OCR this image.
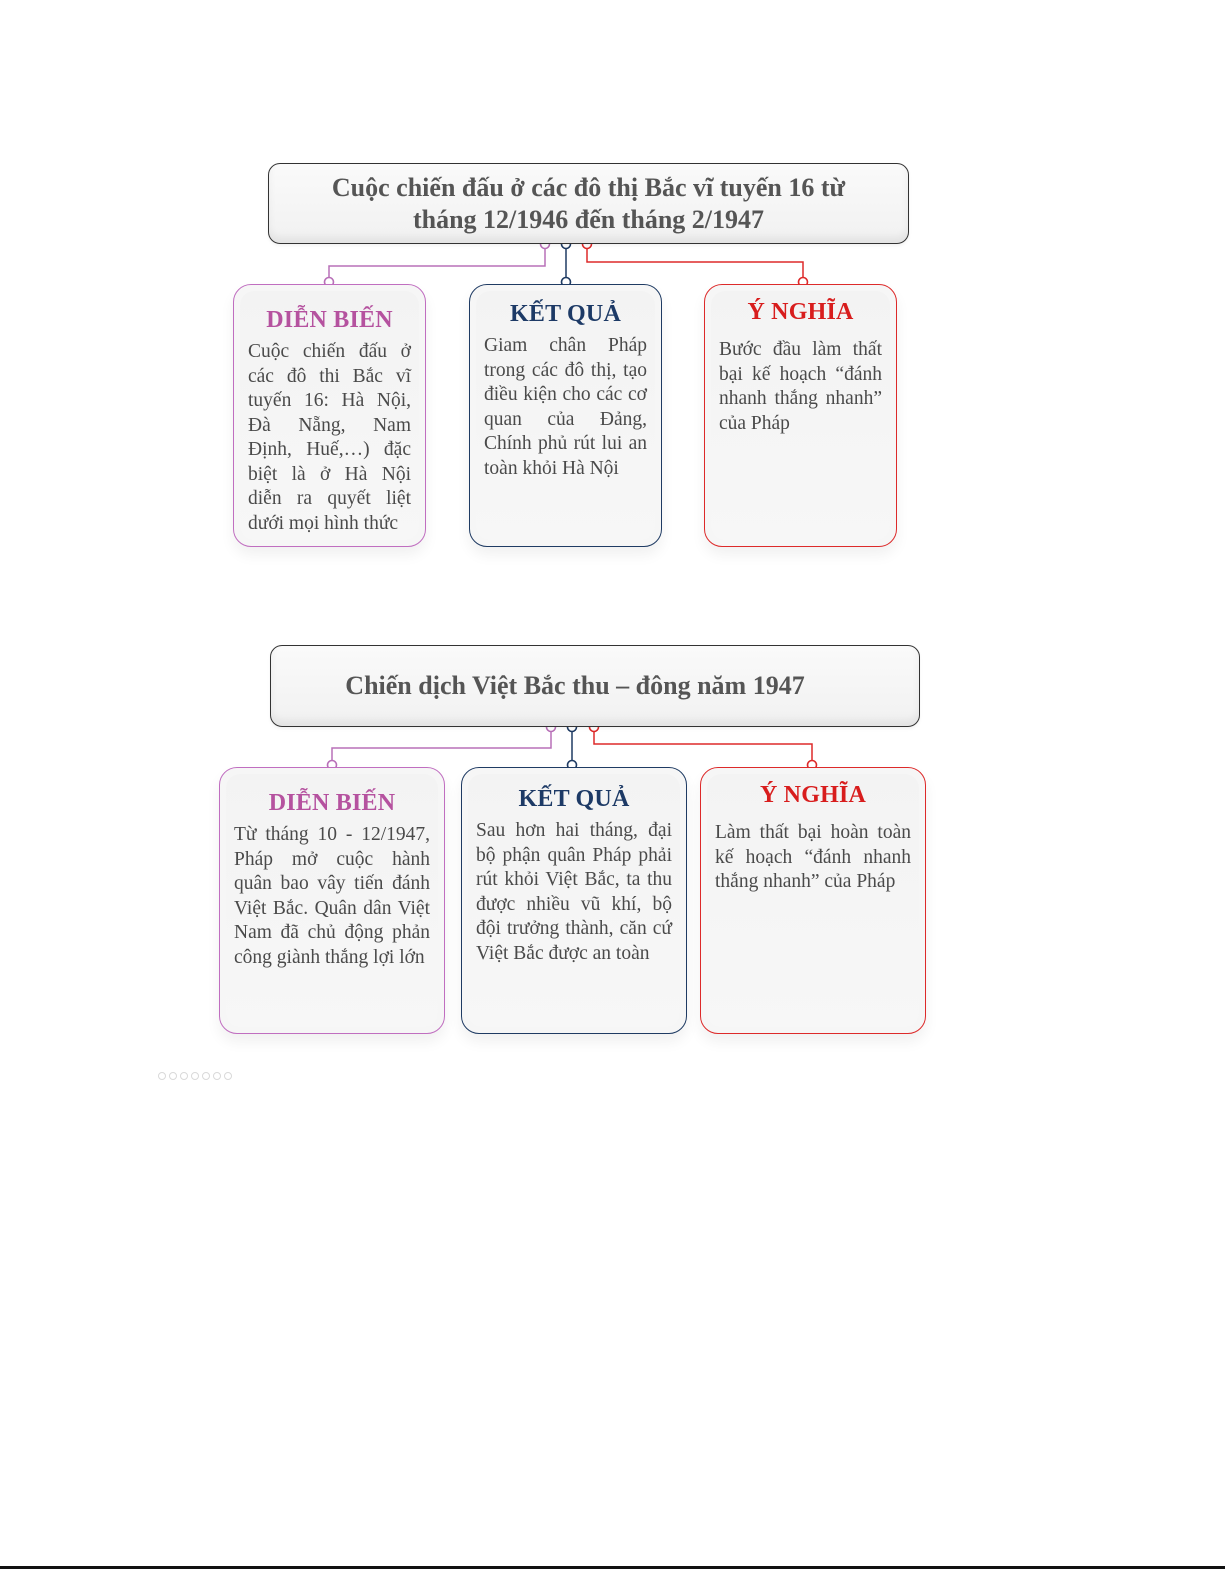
Cuộc chiến đấu ở các đô thị Bắc vĩ tuyến 16 từ
tháng 12/1946 đến tháng 2/1947
DIỄN BIẾN

Cuộc chiến đấu ở các đô thi Bắc vĩ tuyến 16: Hà Nội, Đà Nẵng, Nam Định, Huế,…) đặc biệt là ở Hà Nội diễn ra quyết liệt dưới mọi hình thức

KẾT QUẢ

Giam chân Pháp trong các đô thị, tạo điều kiện cho các cơ quan của Đảng, Chính phủ rút lui an toàn khỏi Hà Nội

Ý NGHĨA

Bước đầu làm thất bại kế hoạch “đánh nhanh thắng nhanh” của Pháp

Chiến dịch Việt Bắc thu – đông năm 1947
DIỄN BIẾN

Từ tháng 10 - 12/1947, Pháp mở cuộc hành quân bao vây tiến đánh Việt Bắc. Quân dân Việt Nam đã chủ động phản công giành thắng lợi lớn

KẾT QUẢ

Sau hơn hai tháng, đại bộ phận quân Pháp phải rút khỏi Việt Bắc, ta thu được nhiều vũ khí, bộ đội trưởng thành, căn cứ Việt Bắc được an toàn

Ý NGHĨA

Làm thất bại hoàn toàn kế hoạch “đánh nhanh thắng nhanh” của Pháp
